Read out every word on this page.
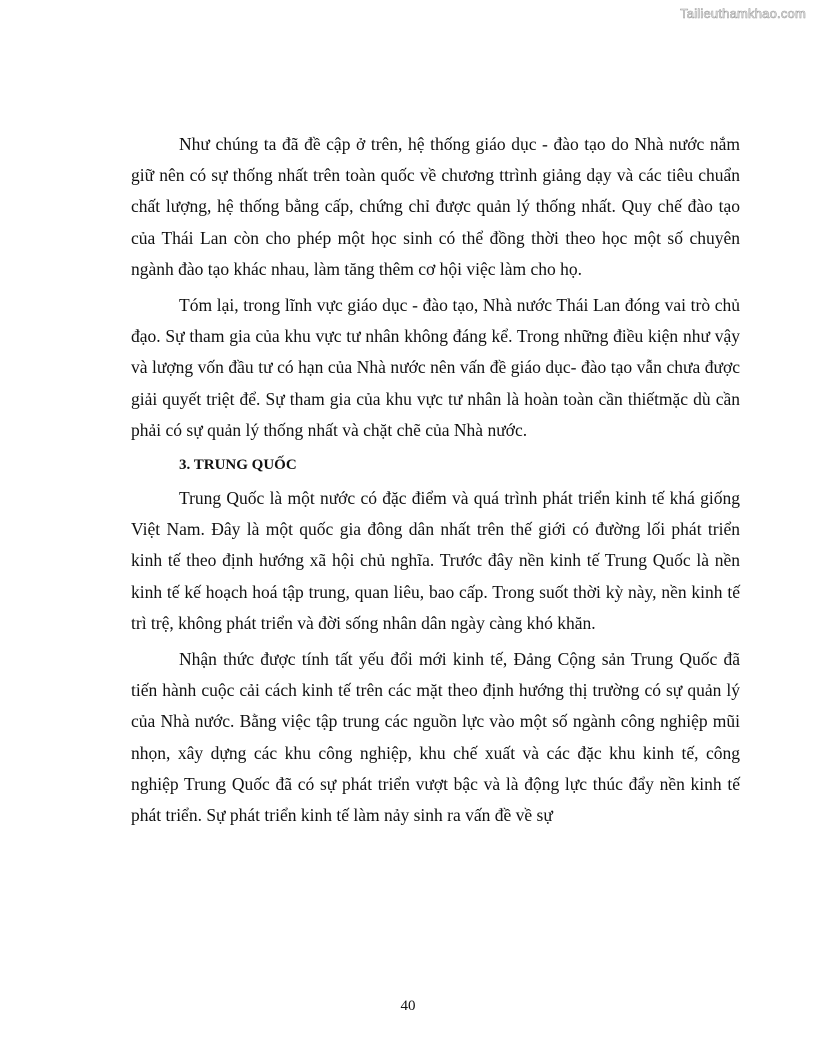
Tailieuthamkhao.com

Như chúng ta đã đề cập ở trên, hệ thống giáo dục - đào tạo do Nhà nước nắm giữ nên có sự thống nhất trên toàn quốc về chương ttrình giảng dạy và các tiêu chuẩn chất lượng, hệ thống bằng cấp, chứng chỉ được quản lý thống nhất. Quy chế đào tạo của Thái Lan còn cho phép một học sinh có thể đồng thời theo học một số chuyên ngành đào tạo khác nhau, làm tăng thêm cơ hội việc làm cho họ.

Tóm lại, trong lĩnh vực giáo dục - đào tạo, Nhà nước Thái Lan đóng vai trò chủ đạo. Sự tham gia của khu vực tư nhân không đáng kể. Trong những điều kiện như vậy và lượng vốn đầu tư có hạn của Nhà nước nên vấn đề giáo dục- đào tạo vẫn chưa được giải quyết triệt để. Sự tham gia của khu vực tư nhân là hoàn toàn cần thiếtmặc dù cần phải có sự quản lý thống nhất và chặt chẽ của Nhà nước.

3. TRUNG QUỐC

Trung Quốc là một nước có đặc điểm và quá trình phát triển kinh tế khá giống Việt Nam. Đây là một quốc gia đông dân nhất trên thế giới có đường lối phát triển kinh tế theo định hướng xã hội chủ nghĩa. Trước đây nền kinh tế Trung Quốc là nền kinh tế kế hoạch hoá tập trung, quan liêu, bao cấp. Trong suốt thời kỳ này, nền kinh tế trì trệ, không phát triển và đời sống nhân dân ngày càng khó khăn.

Nhận thức được tính tất yếu đổi mới kinh tế, Đảng Cộng sản Trung Quốc đã tiến hành cuộc cải cách kinh tế trên các mặt theo định hướng thị trường có sự quản lý của Nhà nước. Bằng việc tập trung các nguồn lực vào một số ngành công nghiệp mũi nhọn, xây dựng các khu công nghiệp, khu chế xuất và các đặc khu kinh tế, công nghiệp Trung Quốc đã có sự phát triển vượt bậc và là động lực thúc đẩy nền kinh tế phát triển. Sự phát triển kinh tế làm nảy sinh ra vấn đề về sự

40
